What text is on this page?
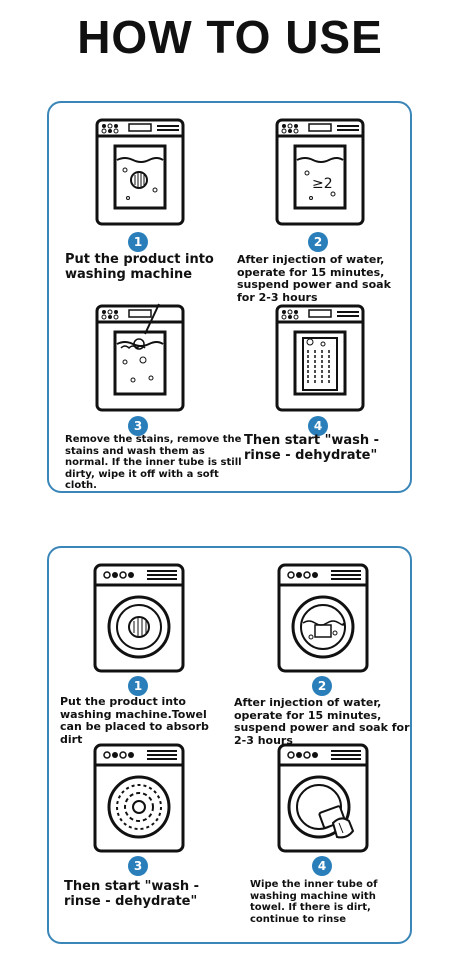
HOW TO USE
1
Put the product into washing machine
≥2
2
After injection of water, operate for 15 minutes, suspend power and soak for 2-3 hours
3
Remove the stains, remove the stains and wash them as normal. If the inner tube is still dirty, wipe it off with a soft cloth.
4
Then start "wash - rinse - dehydrate"
1
Put the product into washing machine.Towel can be placed to absorb dirt
2
After injection of water, operate for 15 minutes, suspend power and soak for 2-3 hours
3
Then start "wash - rinse - dehydrate"
4
Wipe the inner tube of washing machine with towel. If there is dirt, continue to rinse
